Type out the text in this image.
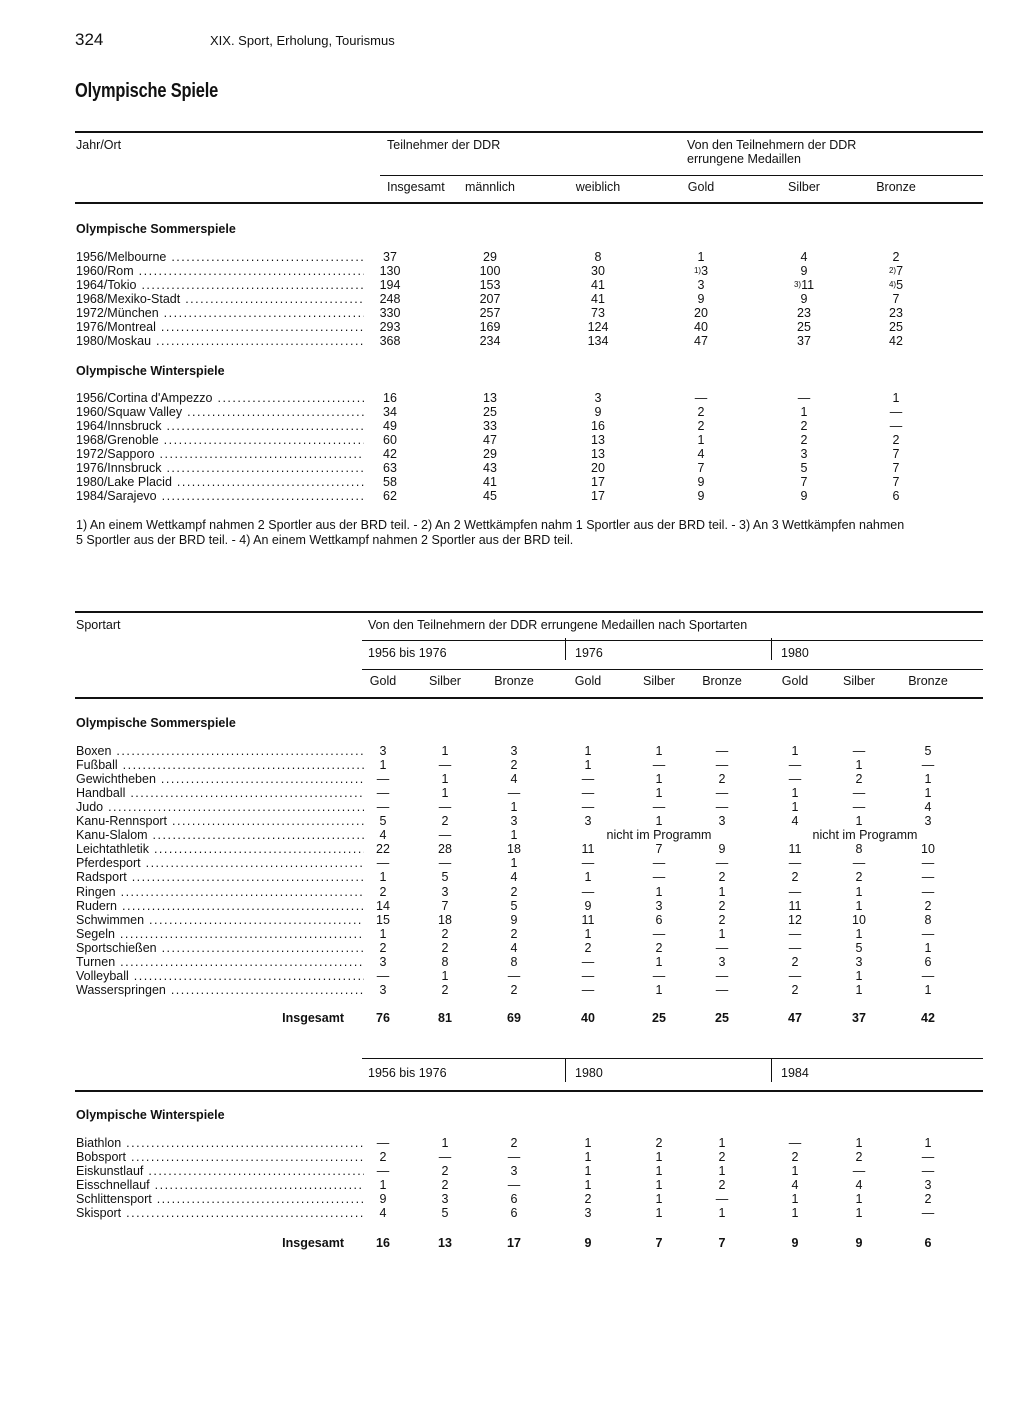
324	XIX. Sport, Erholung, Tourismus
Olympische Spiele
Jahr/Ort	Teilnehmer der DDR	Von den Teilnehmern der DDR
errungene Medaillen
Insgesamt	männlich	weiblich	Gold	Silber	Bronze
Olympische Sommerspiele
1956/Melbourne .....	37	29	8	1	4	2
1960/Rom .....	130	100	30	$^{1)}$3	9	$^{2)}$7
1964/Tokio .....	194	153	41	3	$^{3)}$11	$^{4)}$5
1968/Mexiko-Stadt .....	248	207	41	9	9	7
1972/München .....	330	257	73	20	23	23
1976/Montreal .....	293	169	124	40	25	25
1980/Moskau .....	368	234	134	47	37	42
Olympische Winterspiele
1956/Cortina d'Ampezzo .....	16	13	3	—	—	1
1960/Squaw Valley .....	34	25	9	2	1	—
1964/Innsbruck .....	49	33	16	2	2	—
1968/Grenoble .....	60	47	13	1	2	2
1972/Sapporo .....	42	29	13	4	3	7
1976/Innsbruck .....	63	43	20	7	5	7
1980/Lake Placid .....	58	41	17	9	7	7
1984/Sarajevo .....	62	45	17	9	9	6
1) An einem Wettkampf nahmen 2 Sportler aus der BRD teil. - 2) An 2 Wettkämpfen nahm 1 Sportler aus der BRD teil. - 3) An 3 Wettkämpfen nahmen
5 Sportler aus der BRD teil. - 4) An einem Wettkampf nahmen 2 Sportler aus der BRD teil.
Sportart	Von den Teilnehmern der DDR errungene Medaillen nach Sportarten
1956 bis 1976	1976	1980
Gold	Silber	Bronze	Gold	Silber	Bronze	Gold	Silber	Bronze
Olympische Sommerspiele
Boxen .....	3	1	3	1	1	—	1	—	5
Fußball .....	1	—	2	1	—	—	—	1	—
Gewichtheben .....	—	1	4	—	1	2	—	2	1
Handball .....	—	1	—	—	1	—	1	—	1
Judo .....	—	—	1	—	—	—	1	—	4
Kanu-Rennsport .....	5	2	3	3	1	3	4	1	3
Kanu-Slalom .....	4	—	1	nicht im Programm	nicht im Programm
Leichtathletik .....	22	28	18	11	7	9	11	8	10
Pferdesport .....	—	—	1	—	—	—	—	—	—
Radsport .....	1	5	4	1	—	2	2	2	—
Ringen .....	2	3	2	—	1	1	—	1	—
Rudern .....	14	7	5	9	3	2	11	1	2
Schwimmen .....	15	18	9	11	6	2	12	10	8
Segeln .....	1	2	2	1	—	1	—	1	—
Sportschießen .....	2	2	4	2	2	—	—	5	1
Turnen .....	3	8	8	—	1	3	2	3	6
Volleyball .....	—	1	—	—	—	—	—	1	—
Wasserspringen .....	3	2	2	—	1	—	2	1	1
Insgesamt	76	81	69	40	25	25	47	37	42
1956 bis 1976	1980	1984
Olympische Winterspiele
Biathlon .....	—	1	2	1	2	1	—	1	1
Bobsport .....	2	—	—	1	1	2	2	2	—
Eiskunstlauf .....	—	2	3	1	1	1	1	—	—
Eisschnellauf .....	1	2	—	1	1	2	4	4	3
Schlittensport .....	9	3	6	2	1	—	1	1	2
Skisport .....	4	5	6	3	1	1	1	1	—
Insgesamt	16	13	17	9	7	7	9	9	6
